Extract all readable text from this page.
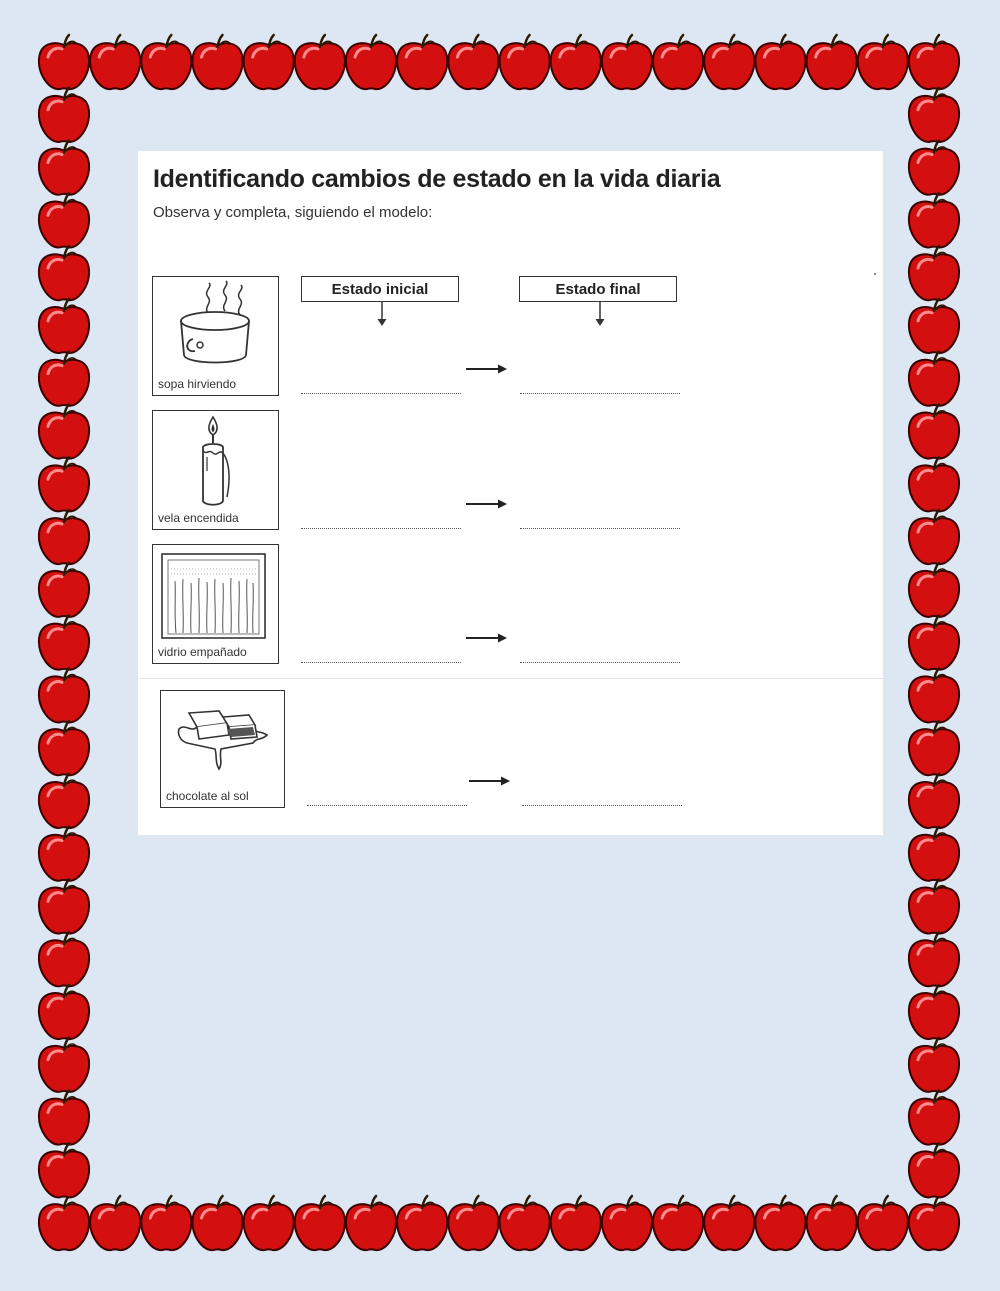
Identificando cambios de estado en la vida diaria

Observa y completa, siguiendo el modelo:

Estado inicial	Estado final
sopa hirviendo
vela encendida
vidrio empañado
chocolate al sol
